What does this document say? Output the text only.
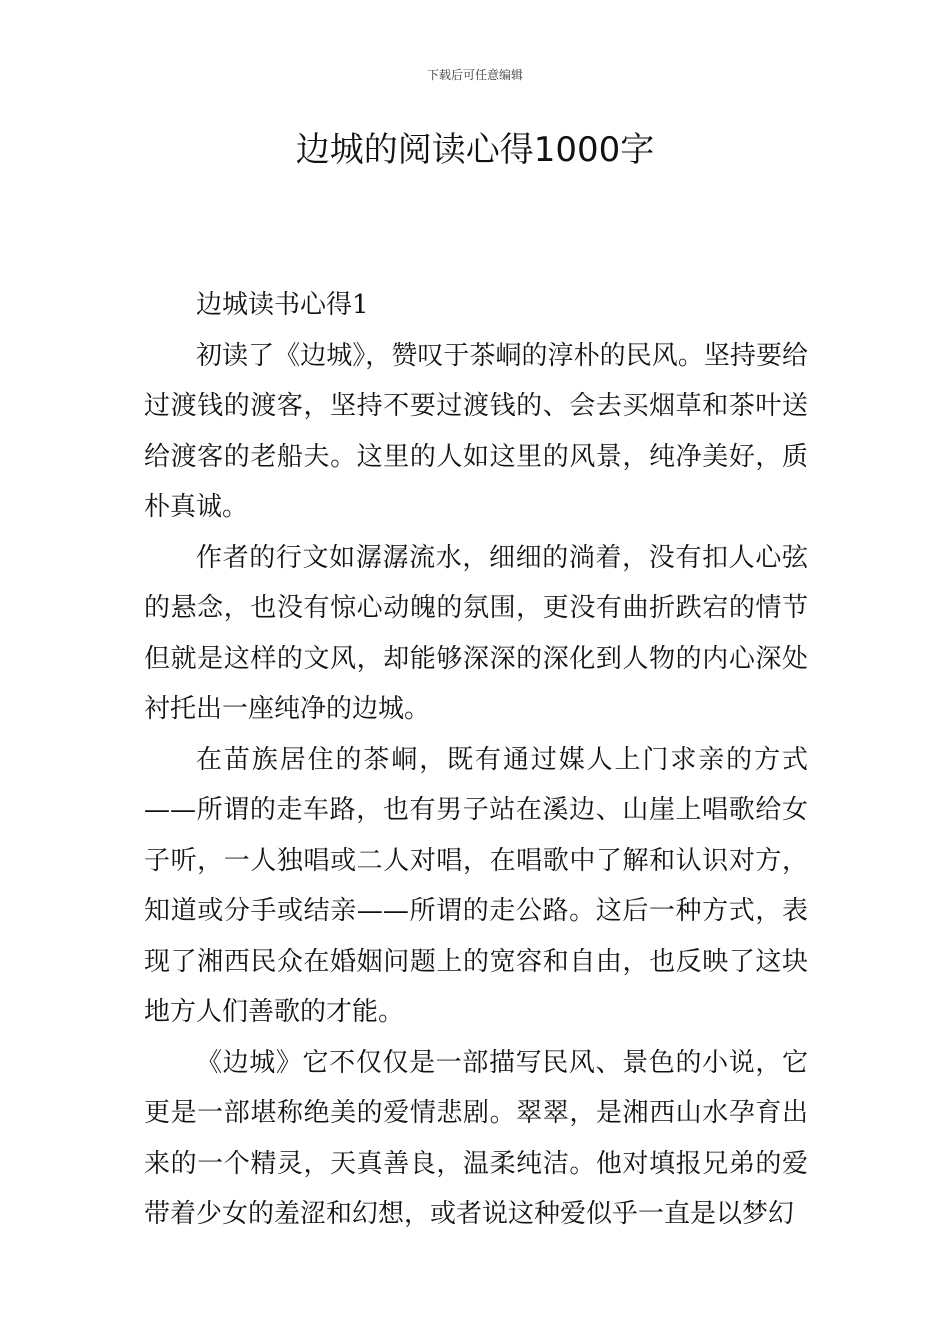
下载后可任意编辑
边城的阅读心得1000字

边城读书心得1

初读了《边城》，赞叹于茶峒的淳朴的民风。坚持要给过渡钱的渡客，坚持不要过渡钱的、会去买烟草和茶叶送给渡客的老船夫。这里的人如这里的风景，纯净美好，质朴真诚。

作者的行文如潺潺流水，细细的淌着，没有扣人心弦的悬念，也没有惊心动魄的氛围，更没有曲折跌宕的情节但就是这样的文风，却能够深深的深化到人物的内心深处衬托出一座纯净的边城。

在苗族居住的茶峒，既有通过媒人上门求亲的方式——所谓的走车路，也有男子站在溪边、山崖上唱歌给女子听，一人独唱或二人对唱，在唱歌中了解和认识对方，知道或分手或结亲——所谓的走公路。这后一种方式，表现了湘西民众在婚姻问题上的宽容和自由，也反映了这块地方人们善歌的才能。

《边城》它不仅仅是一部描写民风、景色的小说，它更是一部堪称绝美的爱情悲剧。翠翠，是湘西山水孕育出来的一个精灵，天真善良，温柔纯洁。他对填报兄弟的爱带着少女的羞涩和幻想，或者说这种爱似乎一直是以梦幻
